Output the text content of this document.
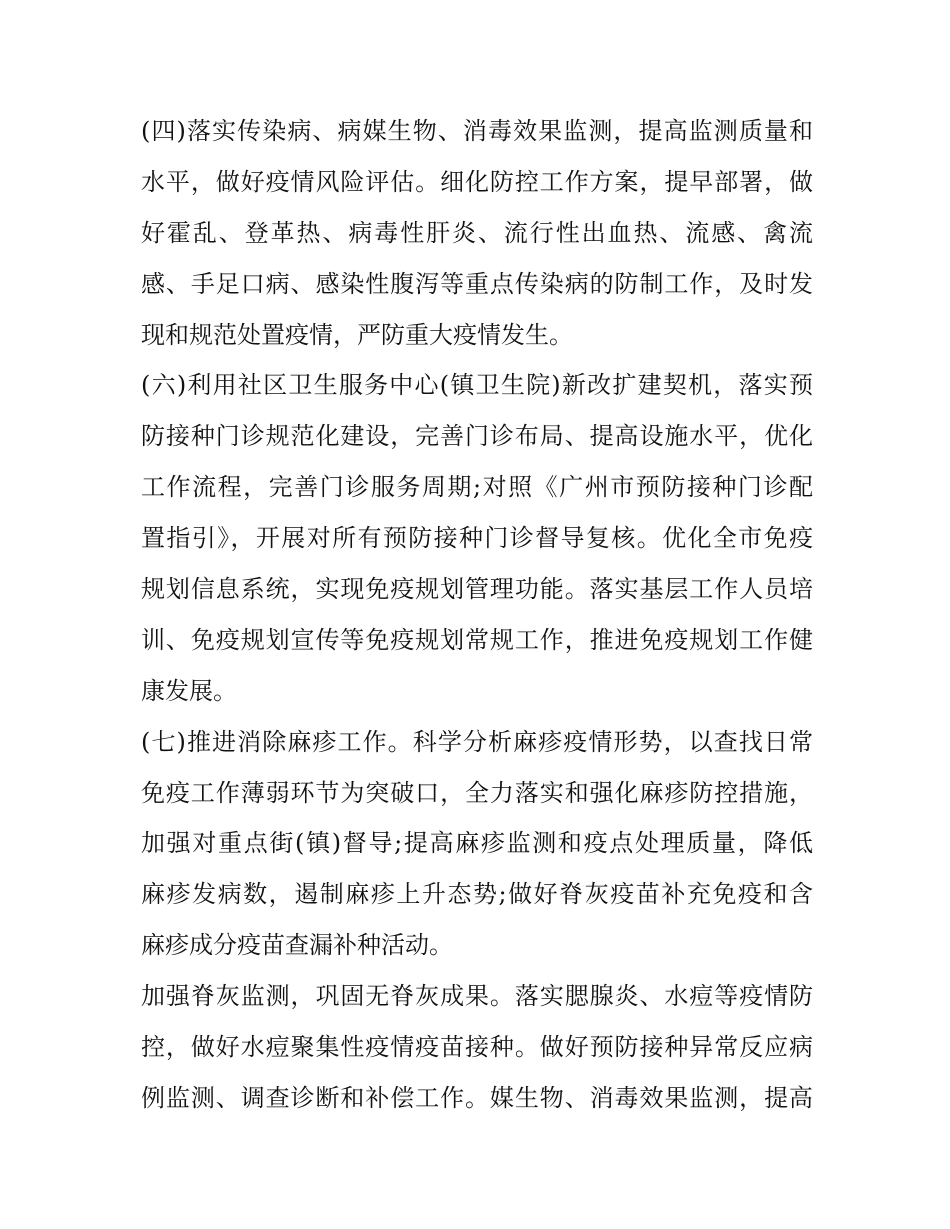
(四)落实传染病、病媒生物、消毒效果监测，提高监测质量和
水平，做好疫情风险评估。细化防控工作方案，提早部署，做
好霍乱、登革热、病毒性肝炎、流行性出血热、流感、禽流
感、手足口病、感染性腹泻等重点传染病的防制工作，及时发
现和规范处置疫情，严防重大疫情发生。
(六)利用社区卫生服务中心(镇卫生院)新改扩建契机，落实预
防接种门诊规范化建设，完善门诊布局、提高设施水平，优化
工作流程，完善门诊服务周期;对照《广州市预防接种门诊配
置指引》，开展对所有预防接种门诊督导复核。优化全市免疫
规划信息系统，实现免疫规划管理功能。落实基层工作人员培
训、免疫规划宣传等免疫规划常规工作，推进免疫规划工作健
康发展。
(七)推进消除麻疹工作。科学分析麻疹疫情形势，以查找日常
免疫工作薄弱环节为突破口，全力落实和强化麻疹防控措施，
加强对重点街(镇)督导;提高麻疹监测和疫点处理质量，降低
麻疹发病数，遏制麻疹上升态势;做好脊灰疫苗补充免疫和含
麻疹成分疫苗查漏补种活动。
加强脊灰监测，巩固无脊灰成果。落实腮腺炎、水痘等疫情防
控，做好水痘聚集性疫情疫苗接种。做好预防接种异常反应病
例监测、调查诊断和补偿工作。媒生物、消毒效果监测，提高
